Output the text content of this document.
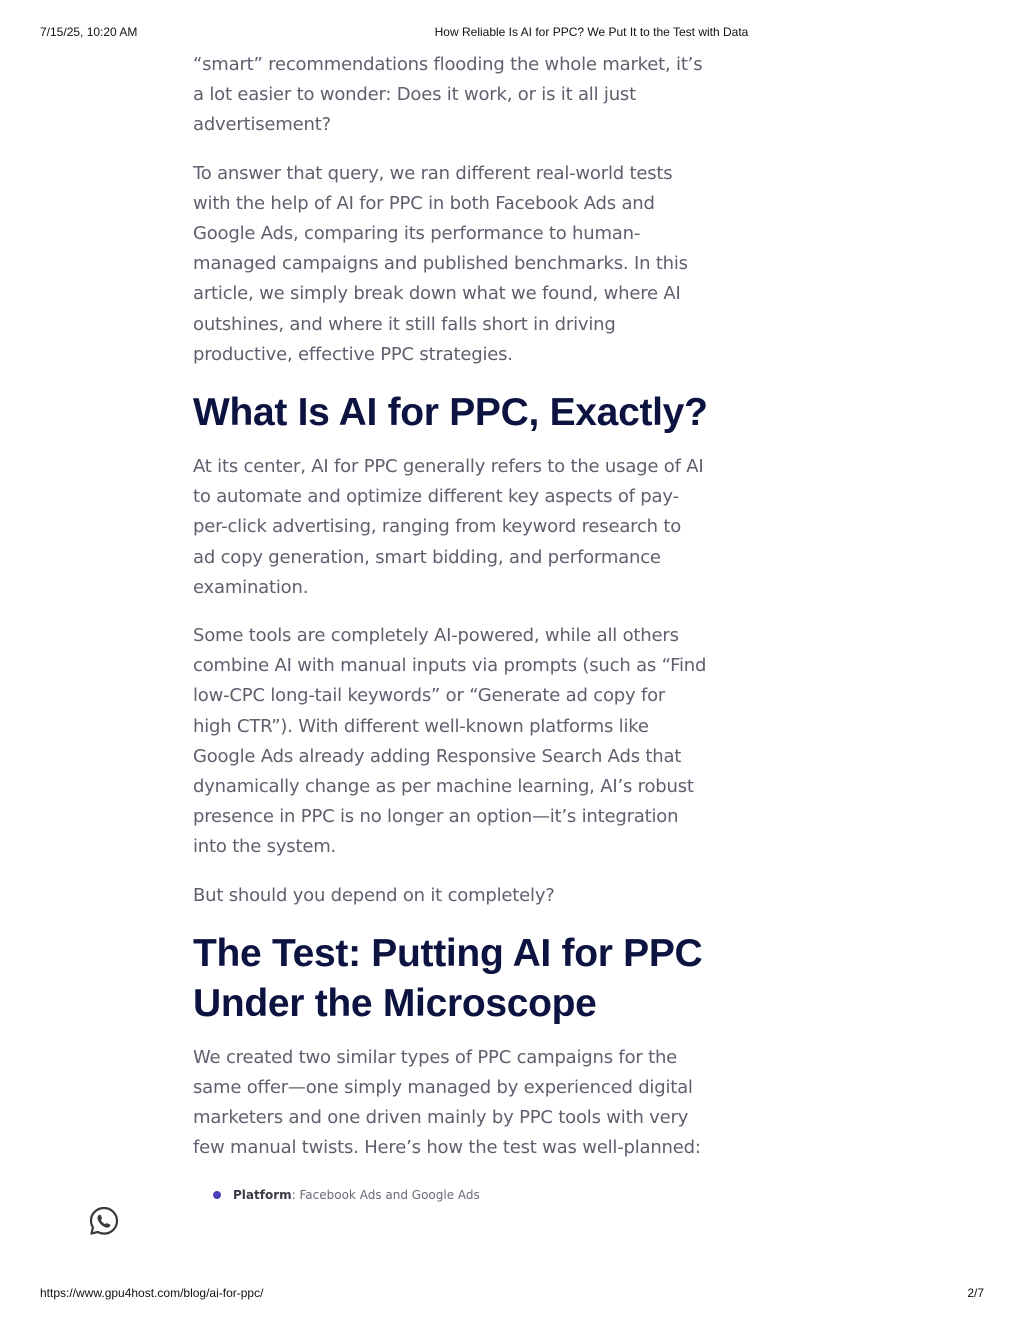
7/15/25, 10:20 AM	How Reliable Is AI for PPC? We Put It to the Test with Data

“smart” recommendations flooding the whole market, it’s a lot easier to wonder: Does it work, or is it all just advertisement?

To answer that query, we ran different real-world tests with the help of AI for PPC in both Facebook Ads and Google Ads, comparing its performance to human-managed campaigns and published benchmarks. In this article, we simply break down what we found, where AI outshines, and where it still falls short in driving productive, effective PPC strategies.

What Is AI for PPC, Exactly?

At its center, AI for PPC generally refers to the usage of AI to automate and optimize different key aspects of pay-per-click advertising, ranging from keyword research to ad copy generation, smart bidding, and performance examination.

Some tools are completely AI-powered, while all others combine AI with manual inputs via prompts (such as “Find low-CPC long-tail keywords” or “Generate ad copy for high CTR”). With different well-known platforms like Google Ads already adding Responsive Search Ads that dynamically change as per machine learning, AI’s robust presence in PPC is no longer an option—it’s integration into the system.

But should you depend on it completely?

The Test: Putting AI for PPC Under the Microscope

We created two similar types of PPC campaigns for the same offer—one simply managed by experienced digital marketers and one driven mainly by PPC tools with very few manual twists. Here’s how the test was well-planned:

Platform: Facebook Ads and Google Ads
https://www.gpu4host.com/blog/ai-for-ppc/	2/7
